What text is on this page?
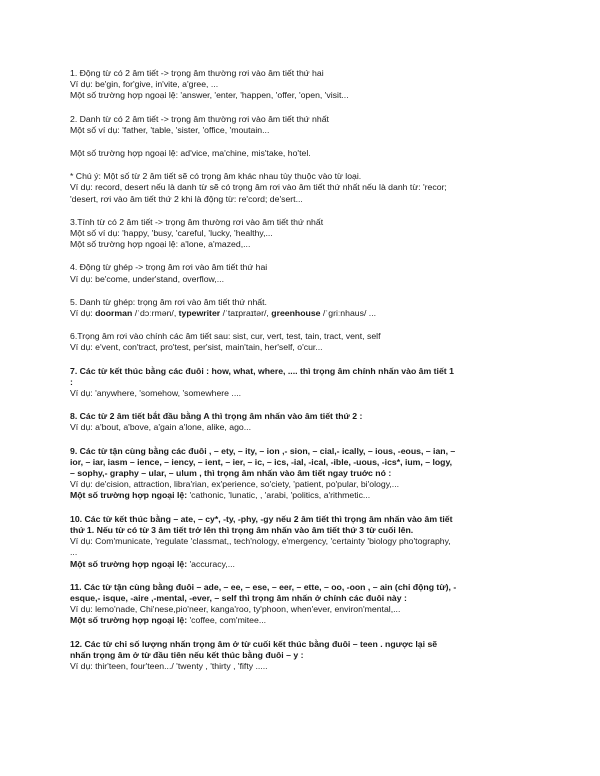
1. Động từ có 2 âm tiết -> trọng âm thường rơi vào âm tiết thứ hai
Ví dụ: be'gin, for'give, in'vite, a'gree, ...
Một số trường hợp ngoại lệ: 'answer, 'enter, 'happen, 'offer, 'open, 'visit...
2. Danh từ có 2 âm tiết -> trọng âm thường rơi vào âm tiết thứ nhất
Một số ví dụ: 'father, 'table, 'sister, 'office, 'moutain...
Một số trường hợp ngoại lệ: ad'vice, ma'chine, mis'take, ho'tel.
* Chú ý: Một số từ 2 âm tiết sẽ có trọng âm khác nhau tùy thuộc vào từ loại.
Ví dụ: record, desert nếu là danh từ sẽ có trọng âm rơi vào âm tiết thứ nhất nếu là danh từ: 'recor;
'desert, rơi vào âm tiết thứ 2 khi là động từ: re'cord; de'sert...
3.Tính từ có 2 âm tiết -> trọng âm thường rơi vào âm tiết thứ nhất
Một số ví dụ: 'happy, 'busy, 'careful, 'lucky, 'healthy,...
Một số trường hợp ngoại lệ: a'lone, a'mazed,...
4. Động từ ghép -> trọng âm rơi vào âm tiết thứ hai
Ví dụ: be'come, under'stand, overflow,...
5. Danh từ ghép: trọng âm rơi vào âm tiết thứ nhất.
Ví dụ: doorman /ˈdɔːrmən/, typewriter /ˈtaɪpraɪtər/, greenhouse /ˈɡriːnhaus/ ...
6.Trọng âm rơi vào chính các âm tiết sau: sist, cur, vert, test, tain, tract, vent, self
Ví dụ: e'vent, con'tract, pro'test, per'sist, main'tain, her'self, o'cur...
7. Các từ kết thúc bằng các đuôi : how, what, where, .... thì trọng âm chính nhấn vào âm tiết 1
:
Ví dụ: 'anywhere, 'somehow, 'somewhere ....
8. Các từ 2 âm tiết bắt đầu bằng A thì trọng âm nhấn vào âm tiết thứ 2 :
Ví dụ: a'bout, a'bove, a'gain a'lone, alike, ago...
9. Các từ tận cùng bằng các đuôi , – ety, – ity, – ion ,- sion, – cial,- ically, – ious, -eous, – ian, –
ior, – iar, iasm – ience, – iency, – ient, – ier, – ic, – ics, -ial, -ical, -ible, -uous, -ics*, ium, – logy,
– sophy,- graphy – ular, – ulum , thì trọng âm nhấn vào âm tiết ngay truớc nó :
Ví dụ: de'cision, attraction, libra'rian, ex'perience, so'ciety, 'patient, po'pular, bi'ology,...
Một số trường hợp ngoại lệ: 'cathonic, 'lunatic, , 'arabi, 'politics, a'rithmetic...
10. Các từ kết thúc bằng – ate, – cy*, -ty, -phy, -gy nếu 2 âm tiết thì trọng âm nhấn vào âm tiết
thứ 1. Nếu từ có từ 3 âm tiết trở lên thì trọng âm nhấn vào âm tiết thứ 3 từ cuối lên.
Ví dụ: Com'municate, 'regulate 'classmat,, tech'nology, e'mergency, 'certainty 'biology pho'tography,
...
Một số trường hợp ngoại lệ: 'accuracy,...
11. Các từ tận cùng bằng đuôi – ade, – ee, – ese, – eer, – ette, – oo, -oon , – ain (chỉ động từ), -
esque,- isque, -aire ,-mental, -ever, – self thì trọng âm nhấn ở chính các đuôi này :
Ví dụ: lemo'nade, Chi'nese,pio'neer, kanga'roo, ty'phoon, when'ever, environ'mental,...
Một số trường hợp ngoại lệ: 'coffee, com'mitee...
12. Các từ chỉ số lượng nhấn trọng âm ở từ cuối kết thúc bằng đuôi – teen . ngược lại sẽ
nhấn trọng âm ở từ đầu tiên nếu kết thúc bằng đuôi – y :
Ví dụ: thir'teen, four'teen.../ 'twenty , 'thirty , 'fifty .....
